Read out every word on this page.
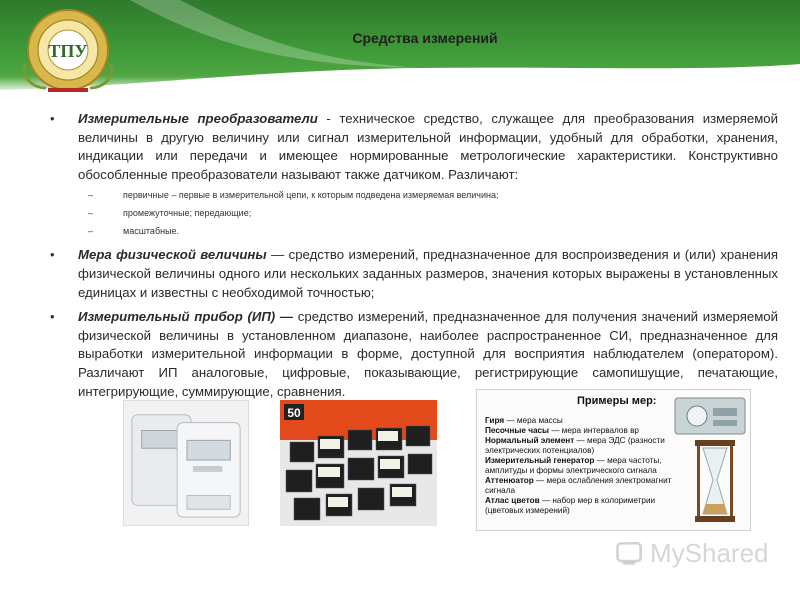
Средства измерений
ТПУ
• Измерительные преобразователи - техническое средство, служащее для преобразования измеряемой величины в другую величину или сигнал измерительной информации, удобный для обработки, хранения, индикации или передачи и имеющее нормированные метрологические характеристики. Конструктивно обособленные преобразователи называют также датчиком. Различают:
– первичные – первые в измерительной цепи, к которым подведена измеряемая величина;
– промежуточные; передающие;
– масштабные.
• Мера физической величины — средство измерений, предназначенное для воспроизведения и (или) хранения физической величины одного или нескольких заданных размеров, значения которых выражены в установленных единицах и известны с необходимой точностью;
• Измерительный прибор (ИП) — средство измерений, предназначенное для получения значений измеряемой физической величины в установленном диапазоне, наиболее распространенное СИ, предназначенное для выработки измерительной информации в форме, доступной для восприятия наблюдателем (оператором). Различают ИП аналоговые, цифровые, показывающие, регистрирующие самопишущие, печатающие, интегрирующие, суммирующие, сравнения.
50
Примеры мер:
Гиря — мера массы
Песочные часы — мера интервалов вр
Нормальный элемент — мера ЭДС (разности электрических потенциалов)
Измерительный генератор — мера частоты, амплитуды и формы электрического сигнала
Аттенюатор — мера ослабления электромагнит сигнала
Атлас цветов — набор мер в колориметрии (цветовых измерений)
MyShared
8
